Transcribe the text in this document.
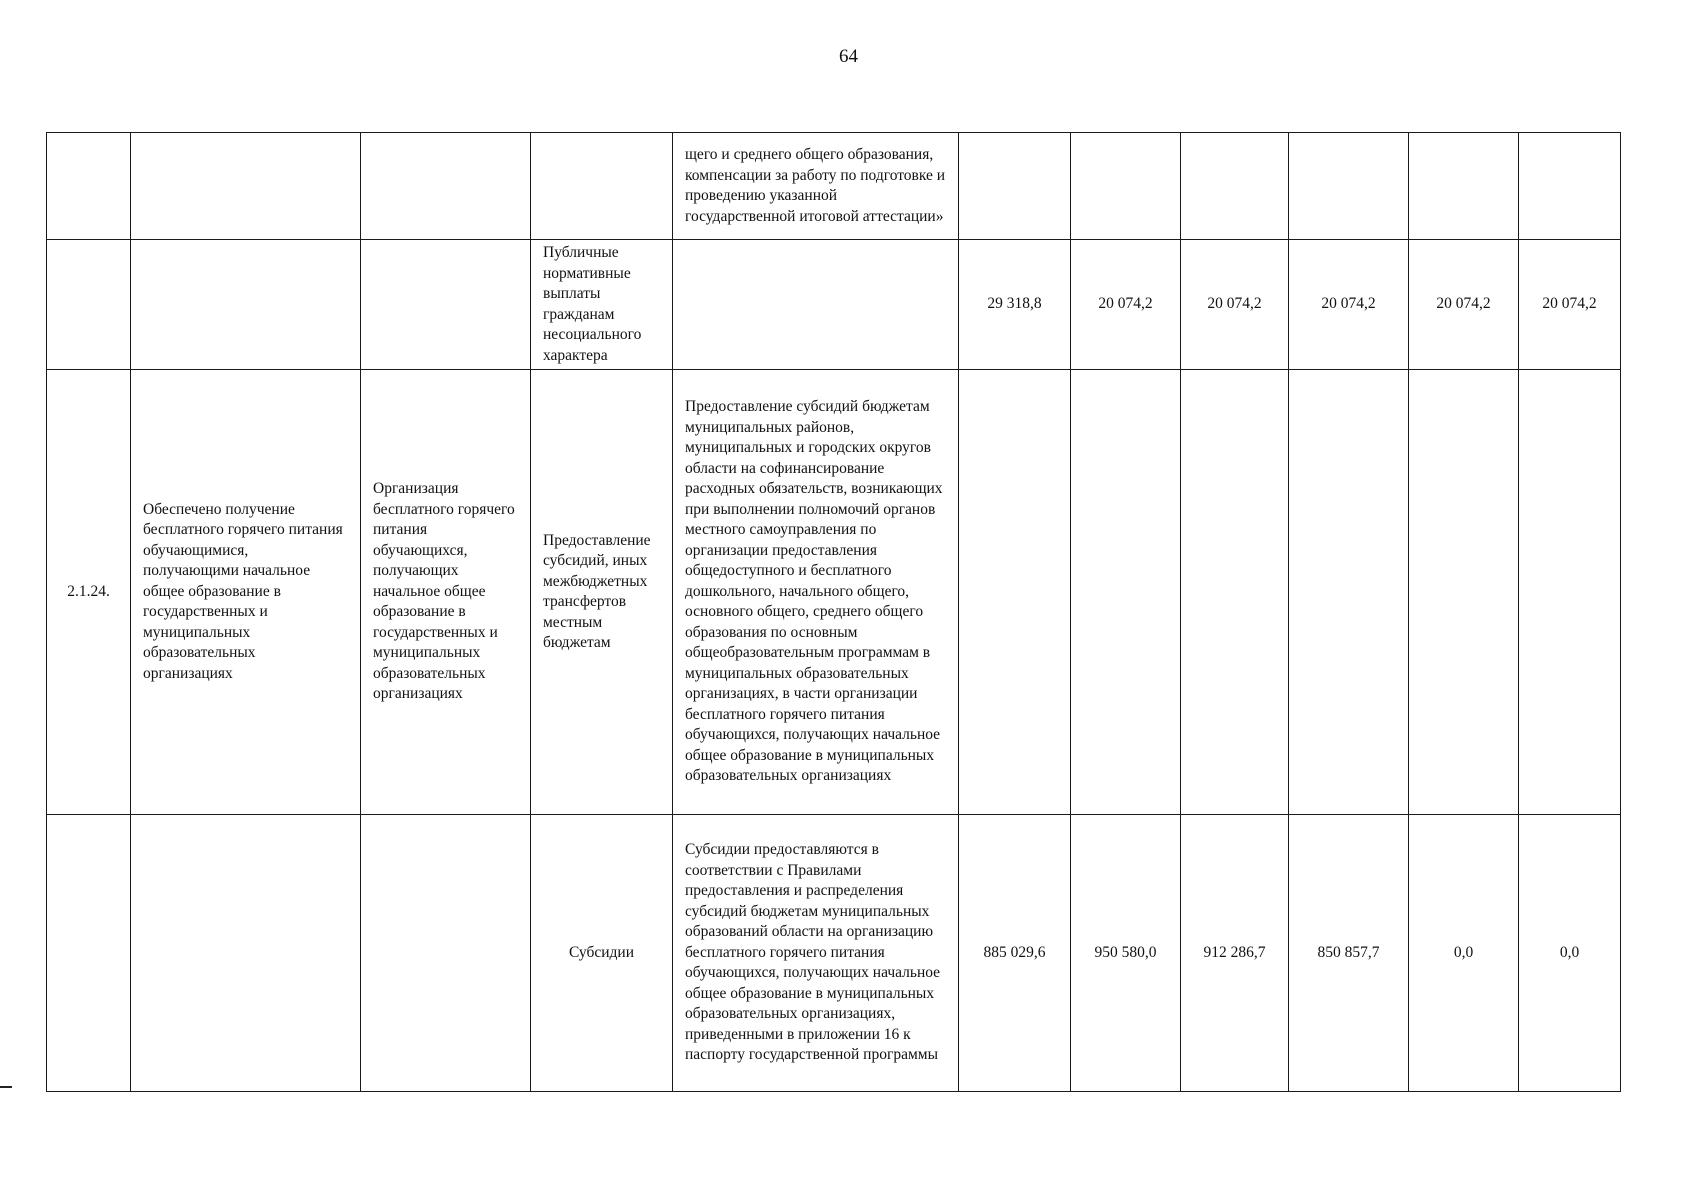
64
				щего и среднего общего образования, компенсации за работу по подготовке и проведению указанной государственной итоговой аттестации»						
			Публичные нормативные выплаты гражданам несоциального характера		29 318,8	20 074,2	20 074,2	20 074,2	20 074,2	20 074,2
2.1.24.	Обеспечено получение бесплатного горячего питания обучающимися, получающими начальное общее образование в государственных и муниципальных образовательных организациях	Организация бесплатного горячего питания обучающихся, получающих начальное общее образование в государственных и муниципальных образовательных организациях	Предоставление субсидий, иных межбюджетных трансфертов местным бюджетам	Предоставление субсидий бюджетам муниципальных районов, муниципальных и городских округов области на софинансирование расходных обязательств, возникающих при выполнении полномочий органов местного самоуправления по организации предоставления общедоступного и бесплатного дошкольного, начального общего, основного общего, среднего общего образования по основным общеобразовательным программам в муниципальных образовательных организациях, в части организации бесплатного горячего питания обучающихся, получающих начальное общее образование в муниципальных образовательных организациях						
			Субсидии	Субсидии предоставляются в соответствии с Правилами предоставления и распределения субсидий бюджетам муниципальных образований области на организацию бесплатного горячего питания обучающихся, получающих начальное общее образование в муниципальных образовательных организациях, приведенными в приложении 16 к паспорту государственной программы	885 029,6	950 580,0	912 286,7	850 857,7	0,0	0,0
